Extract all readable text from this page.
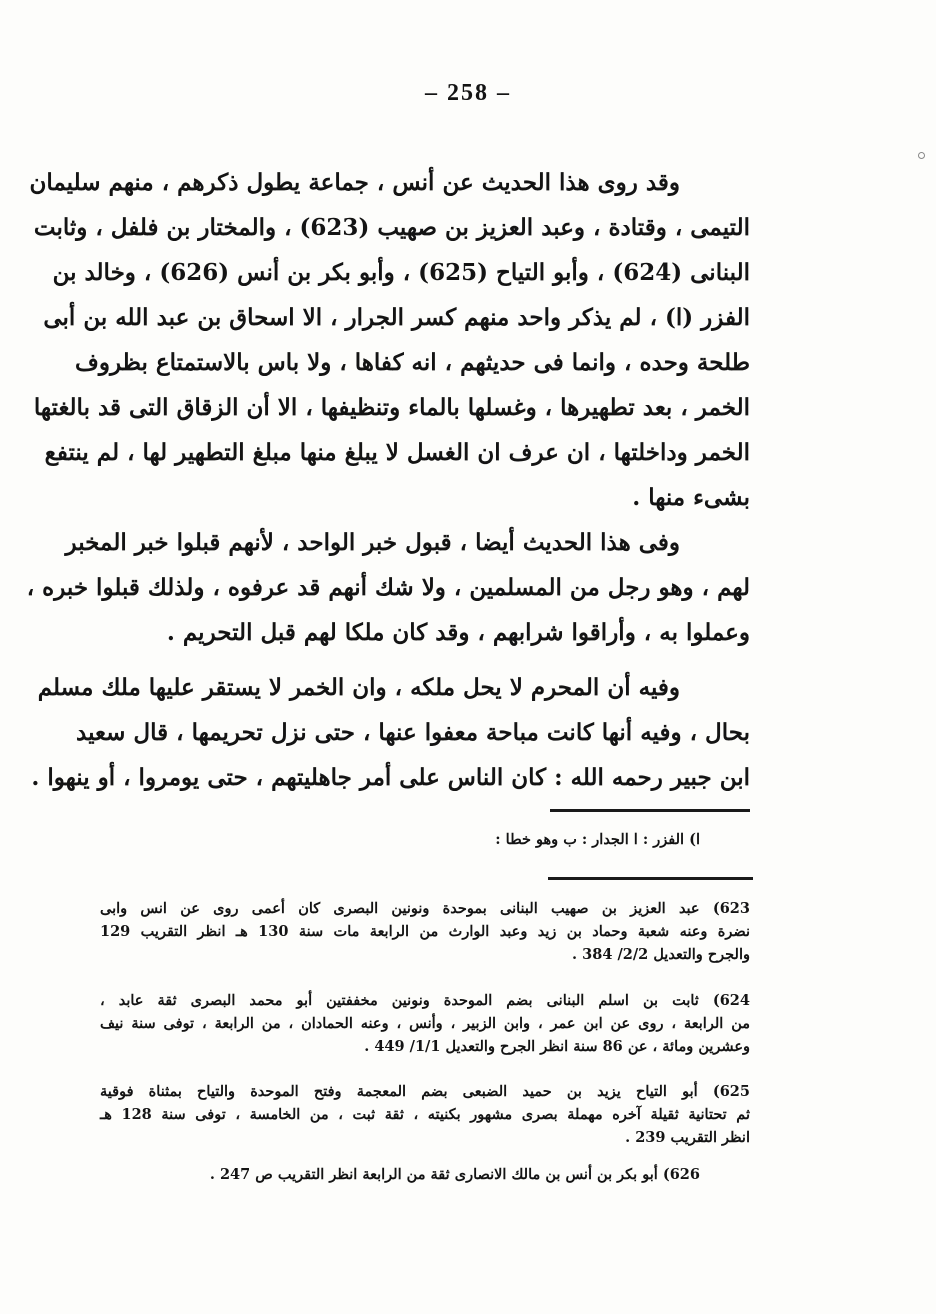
– 258 –
وقد روى هذا الحديث عن أنس ، جماعة يطول ذكرهم ، منهم سليمان
التيمى ، وقتادة ، وعبد العزيز بن صهيب (623) ، والمختار بن فلفل ، وثابت
البنانى (624) ، وأبو التياح (625) ، وأبو بكر بن أنس (626) ، وخالد بن
الفزر (ا) ، لم يذكر واحد منهم كسر الجرار ، الا اسحاق بن عبد الله بن أبى
طلحة وحده ، وانما فى حديثهم ، انه كفاها ، ولا باس بالاستمتاع بظروف
الخمر ، بعد تطهيرها ، وغسلها بالماء وتنظيفها ، الا أن الزقاق التى قد بالغتها
الخمر وداخلتها ، ان عرف ان الغسل لا يبلغ منها مبلغ التطهير لها ، لم ينتفع
بشىء منها .
وفى هذا الحديث أيضا ، قبول خبر الواحد ، لأنهم قبلوا خبر المخبر
لهم ، وهو رجل من المسلمين ، ولا شك أنهم قد عرفوه ، ولذلك قبلوا خبره ،
وعملوا به ، وأراقوا شرابهم ، وقد كان ملكا لهم قبل التحريم .
وفيه أن المحرم لا يحل ملكه ، وان الخمر لا يستقر عليها ملك مسلم
بحال ، وفيه أنها كانت مباحة معفوا عنها ، حتى نزل تحريمها ، قال سعيد
ابن جبير رحمه الله : كان الناس على أمر جاهليتهم ، حتى يومروا ، أو ينهوا .
ا) الفزر : ا الجدار : ب وهو خطا :
623) عبد العزيز بن صهيب البنانى بموحدة ونونين البصرى كان أعمى روى عن انس وابى
نضرة وعنه شعبة وحماد بن زيد وعبد الوارث من الرابعة مات سنة 130 هـ انظر التقريب 129
والجرح والتعديل 2/2/ 384 .
624) ثابت بن اسلم البنانى بضم الموحدة ونونين مخففتين أبو محمد البصرى ثقة عابد ،
من الرابعة ، روى عن ابن عمر ، وابن الزبير ، وأنس ، وعنه الحمادان ، من الرابعة ، توفى سنة نيف
وعشرين ومائة ، عن 86 سنة انظر الجرح والتعديل 1/1/ 449 .
625) أبو التياح يزيد بن حميد الضبعى بضم المعجمة وفتح الموحدة والتياح بمثناة فوقية
ثم تحتانية ثقيلة آخره مهملة بصرى مشهور بكنيته ، ثقة ثبت ، من الخامسة ، توفى سنة 128 هـ
انظر التقريب 239 .
626) أبو بكر بن أنس بن مالك الانصارى ثقة من الرابعة انظر التقريب ص 247 .
